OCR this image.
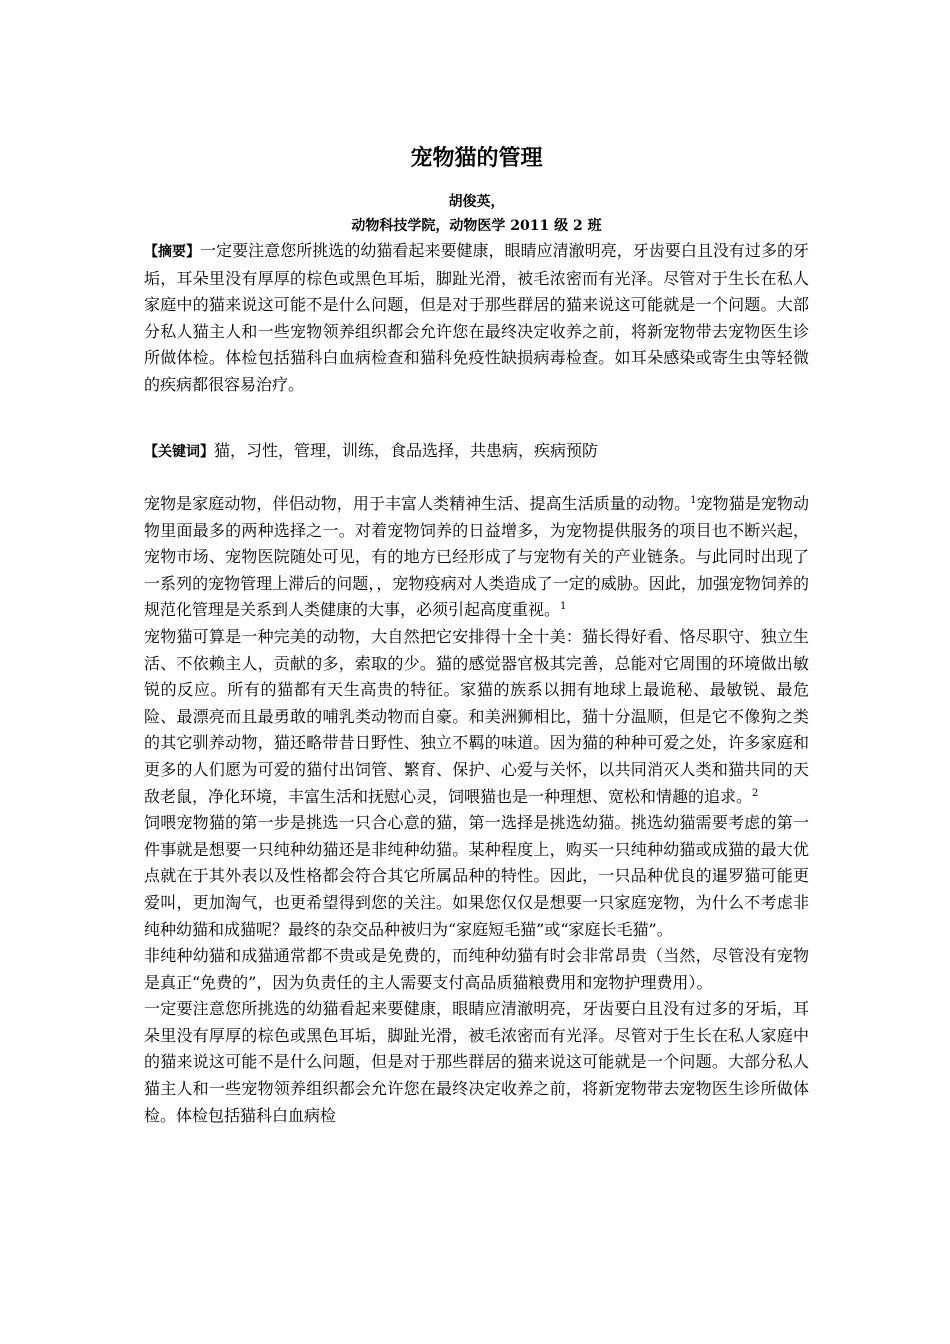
宠物猫的管理
胡俊英，
动物科技学院，动物医学 2011 级 2 班

【摘要】一定要注意您所挑选的幼猫看起来要健康，眼睛应清澈明亮，牙齿要白且没有过多的牙垢，耳朵里没有厚厚的棕色或黑色耳垢，脚趾光滑，被毛浓密而有光泽。尽管对于生长在私人家庭中的猫来说这可能不是什么问题，但是对于那些群居的猫来说这可能就是一个问题。大部分私人猫主人和一些宠物领养组织都会允许您在最终决定收养之前，将新宠物带去宠物医生诊所做体检。体检包括猫科白血病检查和猫科免疫性缺损病毒检查。如耳朵感染或寄生虫等轻微的疾病都很容易治疗。

【关键词】猫，习性，管理，训练，食品选择，共患病，疾病预防

宠物是家庭动物，伴侣动物，用于丰富人类精神生活、提高生活质量的动物。$^1$宠物猫是宠物动物里面最多的两种选择之一。对着宠物饲养的日益增多，为宠物提供服务的项目也不断兴起，宠物市场、宠物医院随处可见，有的地方已经形成了与宠物有关的产业链条。与此同时出现了一系列的宠物管理上滞后的问题，，宠物疫病对人类造成了一定的威胁。因此，加强宠物饲养的规范化管理是关系到人类健康的大事，必须引起高度重视。$^1$

宠物猫可算是一种完美的动物，大自然把它安排得十全十美：猫长得好看、恪尽职守、独立生活、不依赖主人，贡献的多，索取的少。猫的感觉器官极其完善，总能对它周围的环境做出敏锐的反应。所有的猫都有天生高贵的特征。家猫的族系以拥有地球上最诡秘、最敏锐、最危险、最漂亮而且最勇敢的哺乳类动物而自豪。和美洲狮相比，猫十分温顺，但是它不像狗之类的其它驯养动物，猫还略带昔日野性、独立不羁的味道。因为猫的种种可爱之处，许多家庭和更多的人们愿为可爱的猫付出饲管、繁育、保护、心爱与关怀，以共同消灭人类和猫共同的天敌老鼠，净化环境，丰富生活和抚慰心灵，饲喂猫也是一种理想、宽松和情趣的追求。$^2$

饲喂宠物猫的第一步是挑选一只合心意的猫，第一选择是挑选幼猫。挑选幼猫需要考虑的第一件事就是想要一只纯种幼猫还是非纯种幼猫。某种程度上，购买一只纯种幼猫或成猫的最大优点就在于其外表以及性格都会符合其它所属品种的特性。因此，一只品种优良的暹罗猫可能更爱叫，更加淘气，也更希望得到您的关注。如果您仅仅是想要一只家庭宠物，为什么不考虑非纯种幼猫和成猫呢？最终的杂交品种被归为“家庭短毛猫”或“家庭长毛猫”。

非纯种幼猫和成猫通常都不贵或是免费的，而纯种幼猫有时会非常昂贵（当然，尽管没有宠物是真正“免费的”，因为负责任的主人需要支付高品质猫粮费用和宠物护理费用）。

一定要注意您所挑选的幼猫看起来要健康，眼睛应清澈明亮，牙齿要白且没有过多的牙垢，耳朵里没有厚厚的棕色或黑色耳垢，脚趾光滑，被毛浓密而有光泽。尽管对于生长在私人家庭中的猫来说这可能不是什么问题，但是对于那些群居的猫来说这可能就是一个问题。大部分私人猫主人和一些宠物领养组织都会允许您在最终决定收养之前，将新宠物带去宠物医生诊所做体检。体检包括猫科白血病检
